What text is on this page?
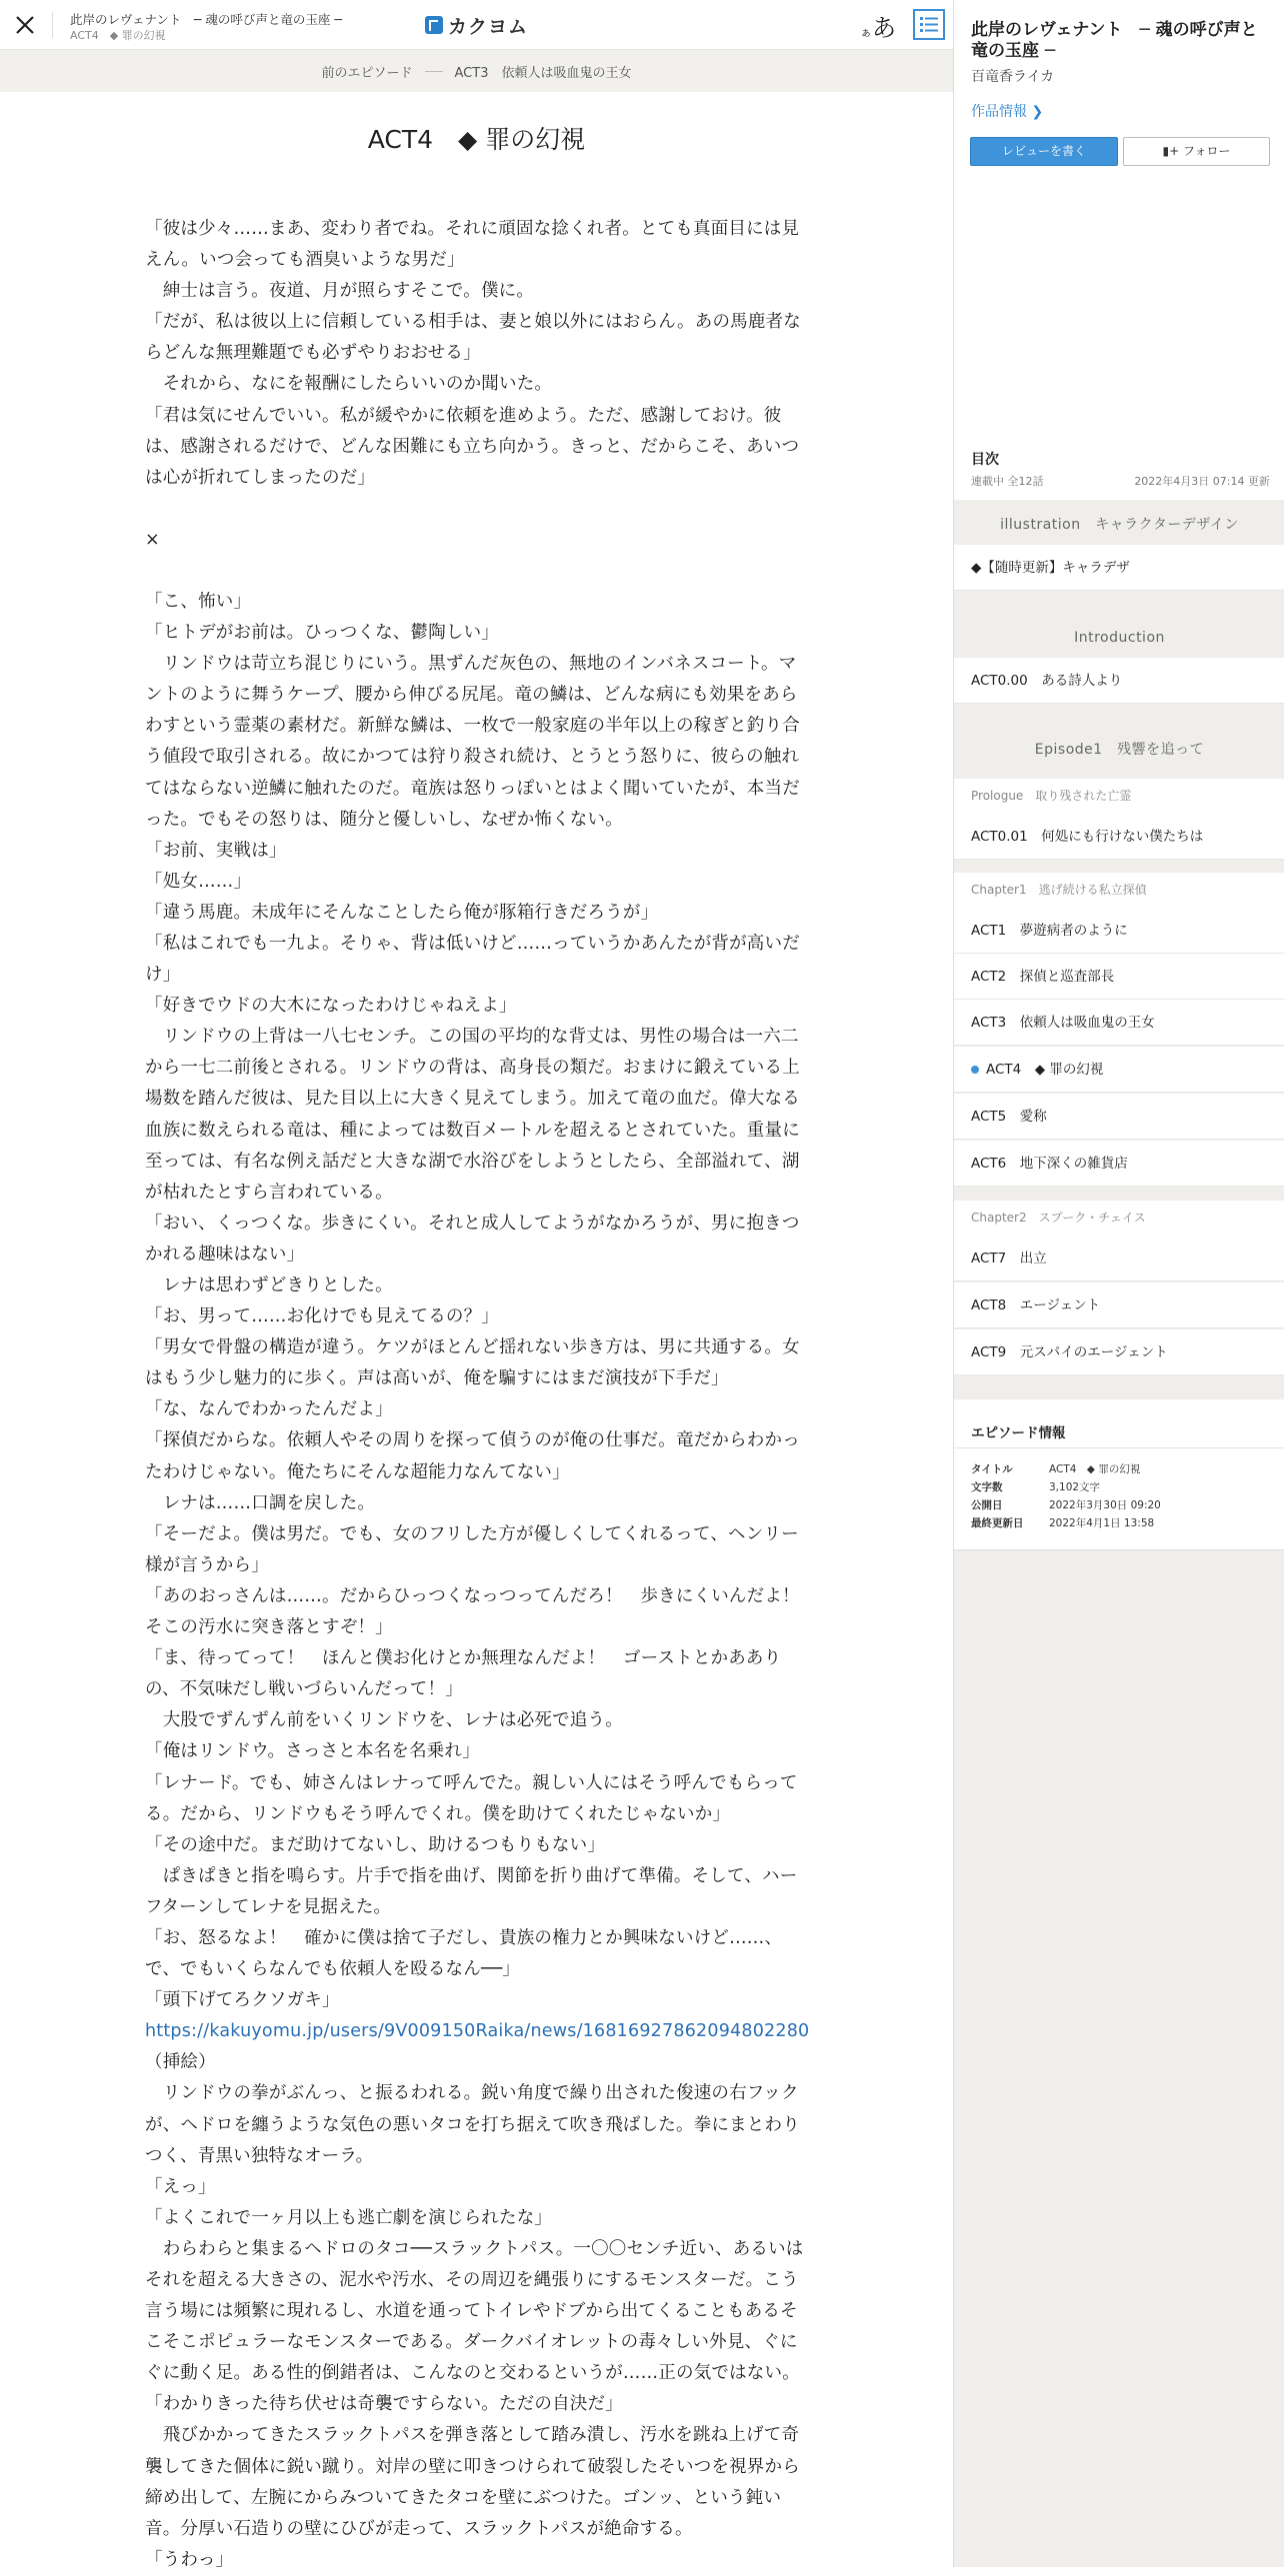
此岸のレヴェナント　─ 魂の呼び声と竜の玉座 ─
ACT4　◆ 罪の幻視	カクヨム	ぁあ
前のエピソード	ACT3　依頼人は吸血鬼の王女
ACT4　◆ 罪の幻視

「彼は少々……まあ、変わり者でね。それに頑固な捻くれ者。とても真面目には見えん。いつ会っても酒臭いような男だ」

　紳士は言う。夜道、月が照らすそこで。僕に。

「だが、私は彼以上に信頼している相手は、妻と娘以外にはおらん。あの馬鹿者ならどんな無理難題でも必ずやりおおせる」

　それから、なにを報酬にしたらいいのか聞いた。

「君は気にせんでいい。私が緩やかに依頼を進めよう。ただ、感謝しておけ。彼は、感謝されるだけで、どんな困難にも立ち向かう。きっと、だからこそ、あいつは心が折れてしまったのだ」

×

「こ、怖い」

「ヒトデがお前は。ひっつくな、鬱陶しい」

　リンドウは苛立ち混じりにいう。黒ずんだ灰色の、無地のインバネスコート。マントのように舞うケープ、腰から伸びる尻尾。竜の鱗は、どんな病にも効果をあらわすという霊薬の素材だ。新鮮な鱗は、一枚で一般家庭の半年以上の稼ぎと釣り合う値段で取引される。故にかつては狩り殺され続け、とうとう怒りに、彼らの触れてはならない逆鱗に触れたのだ。竜族は怒りっぽいとはよく聞いていたが、本当だった。でもその怒りは、随分と優しいし、なぜか怖くない。

「お前、実戦は」

「処女……」

「違う馬鹿。未成年にそんなことしたら俺が豚箱行きだろうが」

「私はこれでも一九よ。そりゃ、背は低いけど……っていうかあんたが背が高いだけ」

「好きでウドの大木になったわけじゃねえよ」

　リンドウの上背は一八七センチ。この国の平均的な背丈は、男性の場合は一六二から一七二前後とされる。リンドウの背は、高身長の類だ。おまけに鍛えている上場数を踏んだ彼は、見た目以上に大きく見えてしまう。加えて竜の血だ。偉大なる血族に数えられる竜は、種によっては数百メートルを超えるとされていた。重量に至っては、有名な例え話だと大きな湖で水浴びをしようとしたら、全部溢れて、湖が枯れたとすら言われている。

「おい、くっつくな。歩きにくい。それと成人してようがなかろうが、男に抱きつかれる趣味はない」

　レナは思わずどきりとした。

「お、男って……お化けでも見えてるの？」

「男女で骨盤の構造が違う。ケツがほとんど揺れない歩き方は、男に共通する。女はもう少し魅力的に歩く。声は高いが、俺を騙すにはまだ演技が下手だ」

「な、なんでわかったんだよ」

「探偵だからな。依頼人やその周りを探って偵うのが俺の仕事だ。竜だからわかったわけじゃない。俺たちにそんな超能力なんてない」

　レナは……口調を戻した。

「そーだよ。僕は男だ。でも、女のフリした方が優しくしてくれるって、ヘンリー様が言うから」

「あのおっさんは……。だからひっつくなっつってんだろ！　歩きにくいんだよ！　そこの汚水に突き落とすぞ！」

「ま、待ってって！　ほんと僕お化けとか無理なんだよ！　ゴーストとかあありの、不気味だし戦いづらいんだって！」

　大股でずんずん前をいくリンドウを、レナは必死で追う。

「俺はリンドウ。さっさと本名を名乗れ」

「レナード。でも、姉さんはレナって呼んでた。親しい人にはそう呼んでもらってる。だから、リンドウもそう呼んでくれ。僕を助けてくれたじゃないか」

「その途中だ。まだ助けてないし、助けるつもりもない」

　ぱきぱきと指を鳴らす。片手で指を曲げ、関節を折り曲げて準備。そして、ハーフターンしてレナを見据えた。

「お、怒るなよ！　確かに僕は捨て子だし、貴族の権力とか興味ないけど……、で、でもいくらなんでも依頼人を殴るなん──」

「頭下げてろクソガキ」

https://kakuyomu.jp/users/9V009150Raika/news/16816927862094802280（挿絵）

　リンドウの拳がぶんっ、と振るわれる。鋭い角度で繰り出された俊速の右フックが、ヘドロを纏うような気色の悪いタコを打ち据えて吹き飛ばした。拳にまとわりつく、青黒い独特なオーラ。

「えっ」

「よくこれで一ヶ月以上も逃亡劇を演じられたな」

　わらわらと集まるヘドロのタコ──スラックトパス。一〇〇センチ近い、あるいはそれを超える大きさの、泥水や汚水、その周辺を縄張りにするモンスターだ。こう言う場には頻繁に現れるし、水道を通ってトイレやドブから出てくることもあるそこそこポピュラーなモンスターである。ダークバイオレットの毒々しい外見、ぐにぐに動く足。ある性的倒錯者は、こんなのと交わるというが……正の気ではない。

「わかりきった待ち伏せは奇襲ですらない。ただの自決だ」

　飛びかかってきたスラックトパスを弾き落として踏み潰し、汚水を跳ね上げて奇襲してきた個体に鋭い蹴り。対岸の壁に叩きつけられて破裂したそいつを視界から締め出して、左腕にからみついてきたタコを壁にぶつけた。ゴンッ、という鈍い音。分厚い石造りの壁にひびが走って、スラックトパスが絶命する。

「うわっ」

此岸のレヴェナント　─ 魂の呼び声と竜の玉座 ─
百竜香ライカ
作品情報 ❯
レビューを書く	▮+ フォロー
目次
連載中 全12話	2022年4月3日 07:14 更新
illustration　キャラクターデザイン
◆【随時更新】キャラデザ
Introduction
ACT0.00　ある詩人より
Episode1　残響を追って
Prologue　取り残された亡霊
ACT0.01　何処にも行けない僕たちは
Chapter1　逃げ続ける私立探偵
ACT1　夢遊病者のように
ACT2　探偵と巡査部長
ACT3　依頼人は吸血鬼の王女
ACT4　◆ 罪の幻視
ACT5　愛称
ACT6　地下深くの雑貨店
Chapter2　スプーク・チェイス
ACT7　出立
ACT8　エージェント
ACT9　元スパイのエージェント
エピソード情報
タイトル	ACT4　◆ 罪の幻視
文字数	3,102文字
公開日	2022年3月30日 09:20
最終更新日 2022年4月1日 13:58
